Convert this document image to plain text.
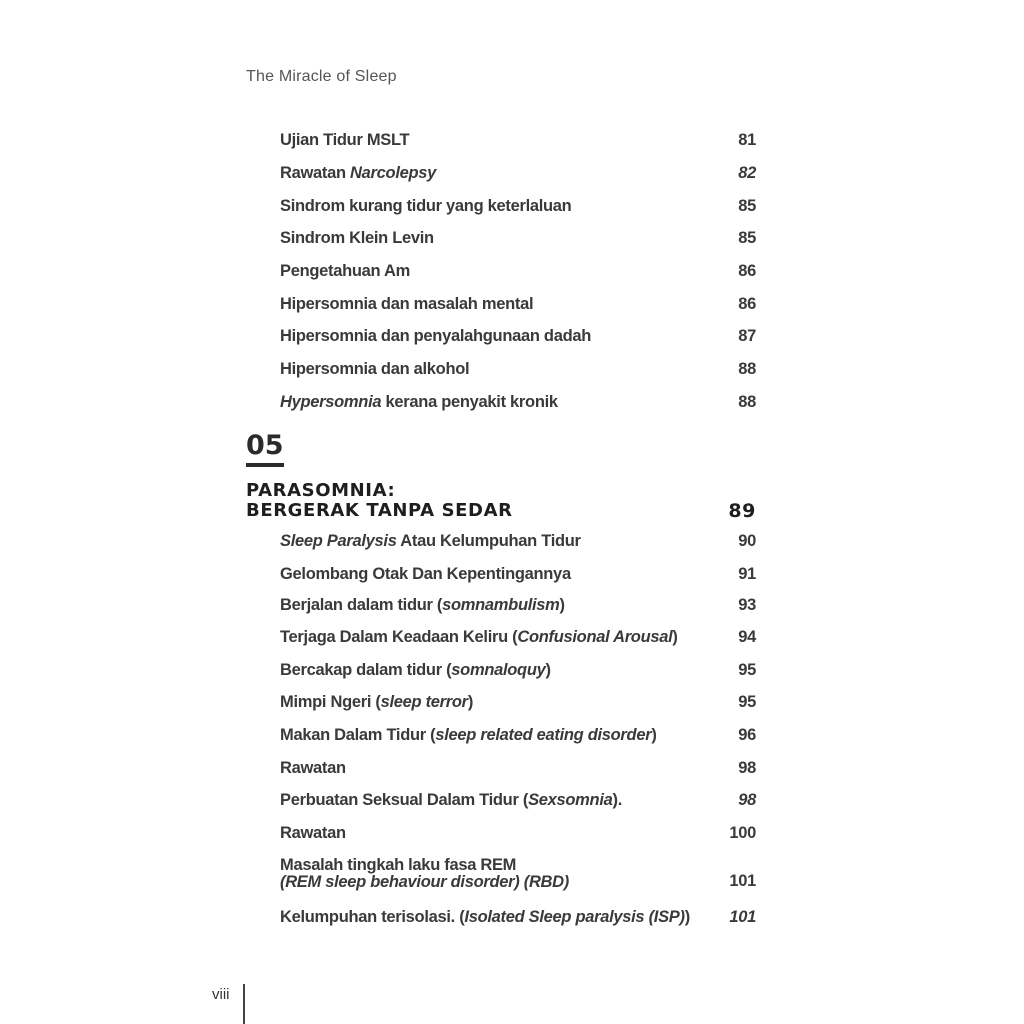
The Miracle of Sleep
Ujian Tidur MSLT	81
Rawatan Narcolepsy	82
Sindrom kurang tidur yang keterlaluan	85
Sindrom Klein Levin	85
Pengetahuan Am	86
Hipersomnia dan masalah mental	86
Hipersomnia dan penyalahgunaan dadah	87
Hipersomnia dan alkohol	88
Hypersomnia kerana penyakit kronik	88
05
PARASOMNIA:
BERGERAK TANPA SEDAR	89
Sleep Paralysis Atau Kelumpuhan Tidur	90
Gelombang Otak Dan Kepentingannya	91
Berjalan dalam tidur (somnambulism)	93
Terjaga Dalam Keadaan Keliru (Confusional Arousal)	94
Bercakap dalam tidur (somnaloquy)	95
Mimpi Ngeri (sleep terror)	95
Makan Dalam Tidur (sleep related eating disorder)	96
Rawatan	98
Perbuatan Seksual Dalam Tidur (Sexsomnia).	98
Rawatan	100
Masalah tingkah laku fasa REM
(REM sleep behaviour disorder) (RBD)	101
Kelumpuhan terisolasi. (Isolated Sleep paralysis (ISP))	101
viii
